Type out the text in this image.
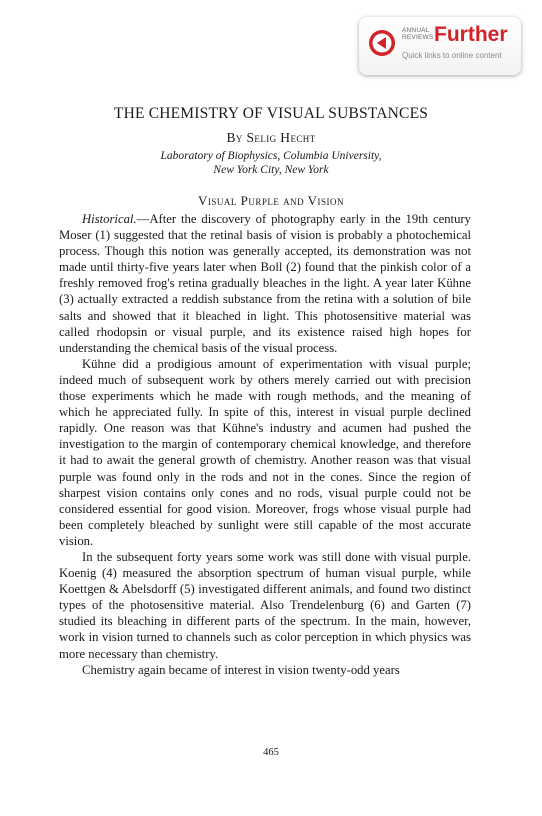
ANNUAL
REVIEWS Further
Quick links to online content
THE CHEMISTRY OF VISUAL SUBSTANCES
By Selig Hecht
Laboratory of Biophysics, Columbia University,
New York City, New York
Visual Purple and Vision

Historical.—After the discovery of photography early in the 19th century Moser (1) suggested that the retinal basis of vision is probably a photochemical process. Though this notion was generally accepted, its demonstration was not made until thirty-five years later when Boll (2) found that the pinkish color of a freshly removed frog's retina gradually bleaches in the light. A year later Kühne (3) actually extracted a reddish substance from the retina with a solution of bile salts and showed that it bleached in light. This photosensitive material was called rhodopsin or visual purple, and its existence raised high hopes for understanding the chemical basis of the visual process.

Kühne did a prodigious amount of experimentation with visual purple; indeed much of subsequent work by others merely carried out with precision those experiments which he made with rough methods, and the meaning of which he appreciated fully. In spite of this, interest in visual purple declined rapidly. One reason was that Kühne's industry and acumen had pushed the investigation to the margin of contemporary chemical knowledge, and therefore it had to await the general growth of chemistry. Another reason was that visual purple was found only in the rods and not in the cones. Since the region of sharpest vision contains only cones and no rods, visual purple could not be considered essential for good vision. Moreover, frogs whose visual purple had been completely bleached by sunlight were still capable of the most accurate vision.

In the subsequent forty years some work was still done with visual purple. Koenig (4) measured the absorption spectrum of human visual purple, while Koettgen & Abelsdorff (5) investigated different animals, and found two distinct types of the photosensitive material. Also Trendelenburg (6) and Garten (7) studied its bleaching in different parts of the spectrum. In the main, however, work in vision turned to channels such as color perception in which physics was more necessary than chemistry.

Chemistry again became of interest in vision twenty-odd years

465
